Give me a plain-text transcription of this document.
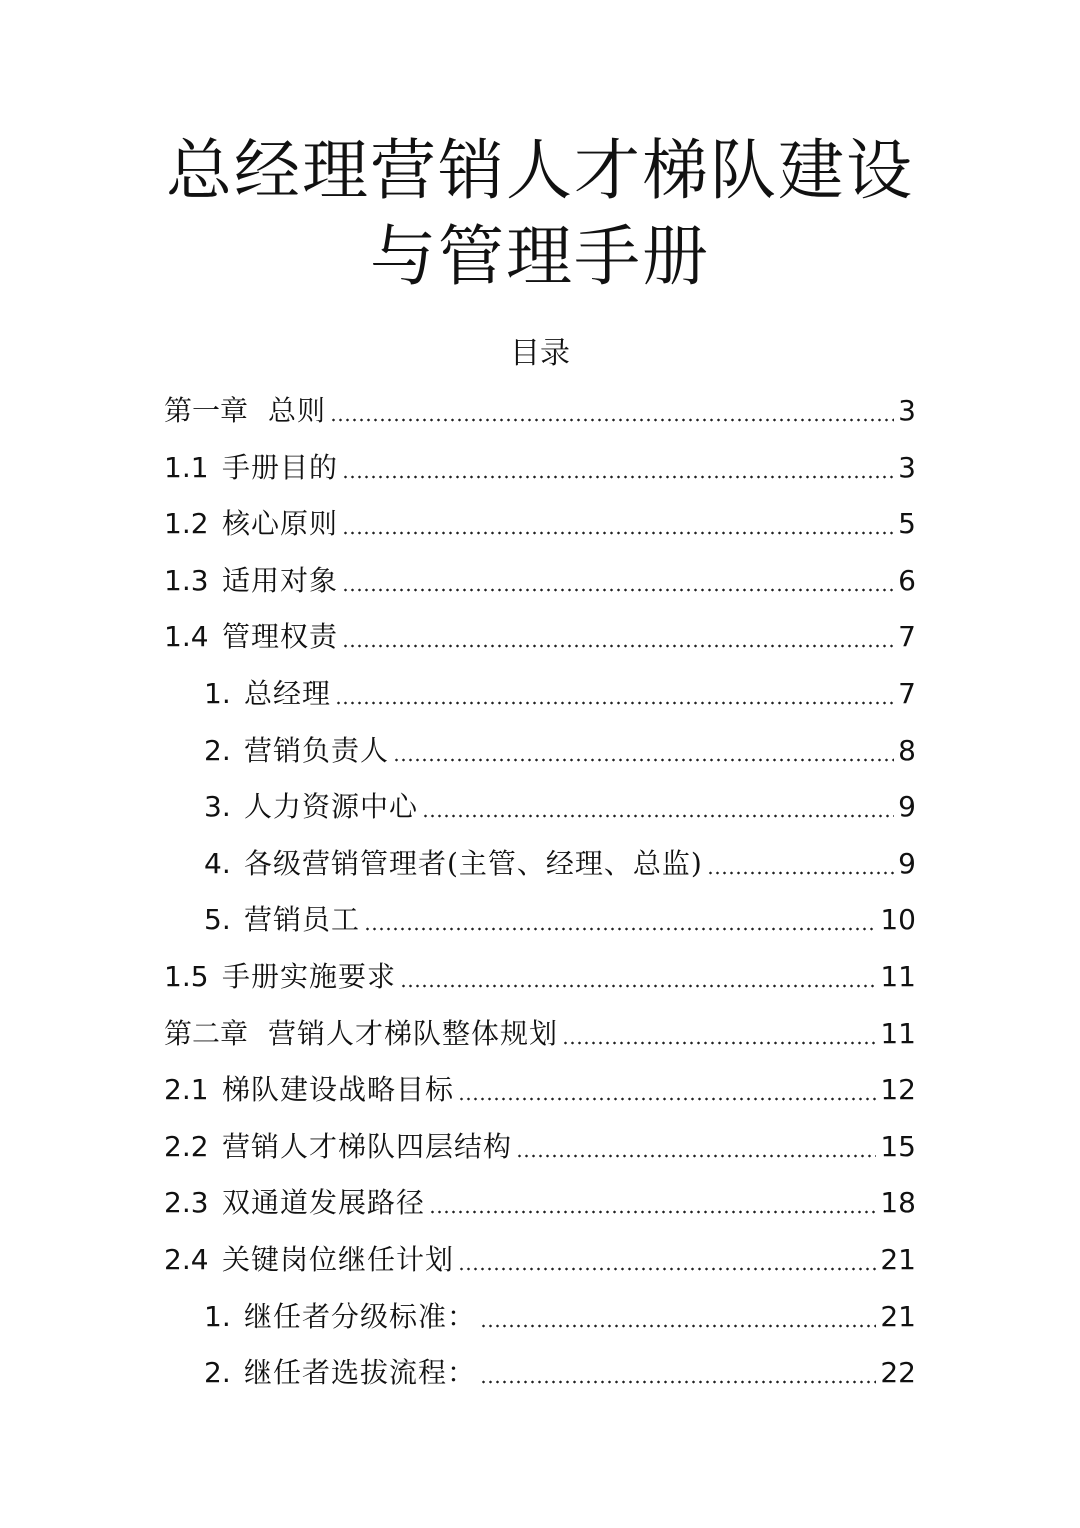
总经理营销人才梯队建设
与管理手册
目录
第一章 总则	3
1.1 手册目的	3
1.2 核心原则	5
1.3 适用对象	6
1.4 管理权责	7
1. 总经理	7
2. 营销负责人	8
3. 人力资源中心	9
4. 各级营销管理者(主管、经理、总监)	9
5. 营销员工	10
1.5 手册实施要求	11
第二章 营销人才梯队整体规划	11
2.1 梯队建设战略目标	12
2.2 营销人才梯队四层结构	15
2.3 双通道发展路径	18
2.4 关键岗位继任计划	21
1. 继任者分级标准：	21
2. 继任者选拔流程：	22
